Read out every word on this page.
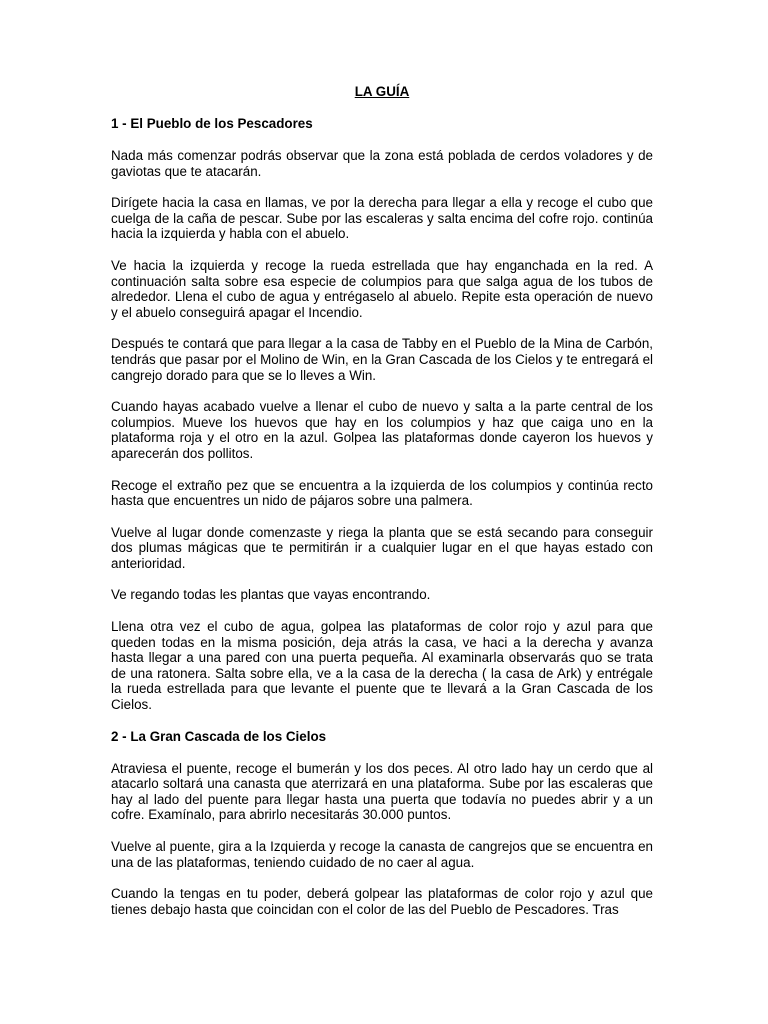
LA GUÍA
1 - El Pueblo de los Pescadores

Nada más comenzar podrás observar que la zona está poblada de cerdos voladores y de gaviotas que te atacarán.

Dirígete hacia la casa en llamas, ve por la derecha para llegar a ella y recoge el cubo que cuelga de la caña de pescar. Sube por las escaleras y salta encima del cofre rojo. continúa hacia la izquierda y habla con el abuelo.

Ve hacia la izquierda y recoge la rueda estrellada que hay enganchada en la red. A continuación salta sobre esa especie de columpios para que salga agua de los tubos de alrededor. Llena el cubo de agua y entrégaselo al abuelo. Repite esta operación de nuevo y el abuelo conseguirá apagar el Incendio.

Después te contará que para llegar a la casa de Tabby en el Pueblo de la Mina de Carbón, tendrás que pasar por el Molino de Win, en la Gran Cascada de los Cielos y te entregará el cangrejo dorado para que se lo lleves a Win.

Cuando hayas acabado vuelve a llenar el cubo de nuevo y salta a la parte central de los columpios. Mueve los huevos que hay en los columpios y haz que caiga uno en la plataforma roja y el otro en la azul. Golpea las plataformas donde cayeron los huevos y aparecerán dos pollitos.

Recoge el extraño pez que se encuentra a la izquierda de los columpios y continúa recto hasta que encuentres un nido de pájaros sobre una palmera.

Vuelve al lugar donde comenzaste y riega la planta que se está secando para conseguir dos plumas mágicas que te permitirán ir a cualquier lugar en el que hayas estado con anterioridad.

Ve regando todas les plantas que vayas encontrando.

Llena otra vez el cubo de agua, golpea las plataformas de color rojo y azul para que queden todas en la misma posición, deja atrás la casa, ve haci a la derecha y avanza hasta llegar a una pared con una puerta pequeña. Al examinarla observarás quo se trata de una ratonera. Salta sobre ella, ve a la casa de la derecha ( la casa de Ark) y entrégale la rueda estrellada para que levante el puente que te llevará a la Gran Cascada de los Cielos.

2 - La Gran Cascada de los Cielos

Atraviesa el puente, recoge el bumerán y los dos peces. Al otro lado hay un cerdo que al atacarlo soltará una canasta que aterrizará en una plataforma. Sube por las escaleras que hay al lado del puente para llegar hasta una puerta que todavía no puedes abrir y a un cofre. Examínalo, para abrirlo necesitarás 30.000 puntos.

Vuelve al puente, gira a la Izquierda y recoge la canasta de cangrejos que se encuentra en una de las plataformas, teniendo cuidado de no caer al agua.

Cuando la tengas en tu poder, deberá golpear las plataformas de color rojo y azul que tienes debajo hasta que coincidan con el color de las del Pueblo de Pescadores. Tras
